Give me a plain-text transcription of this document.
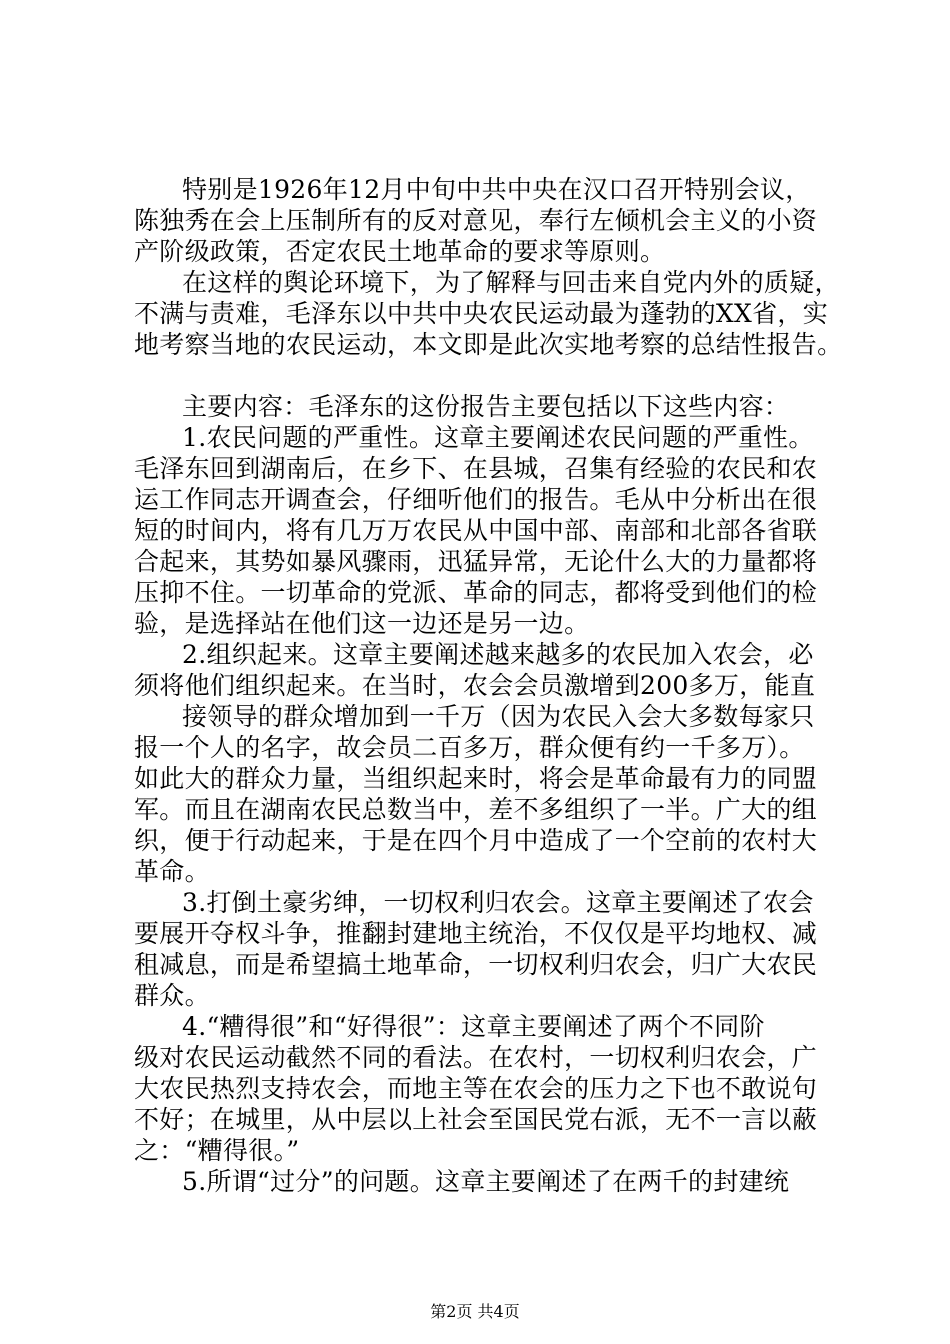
特别是1926年12月中旬中共中央在汉口召开特别会议，
陈独秀在会上压制所有的反对意见，奉行左倾机会主义的小资
产阶级政策，否定农民土地革命的要求等原则。
在这样的舆论环境下，为了解释与回击来自党内外的质疑，
不满与责难，毛泽东以中共中央农民运动最为蓬勃的XX省，实
地考察当地的农民运动，本文即是此次实地考察的总结性报告。
主要内容：毛泽东的这份报告主要包括以下这些内容：
1.农民问题的严重性。这章主要阐述农民问题的严重性。
毛泽东回到湖南后，在乡下、在县城，召集有经验的农民和农
运工作同志开调查会，仔细听他们的报告。毛从中分析出在很
短的时间内，将有几万万农民从中国中部、南部和北部各省联
合起来，其势如暴风骤雨，迅猛异常，无论什么大的力量都将
压抑不住。一切革命的党派、革命的同志，都将受到他们的检
验，是选择站在他们这一边还是另一边。
2.组织起来。这章主要阐述越来越多的农民加入农会，必
须将他们组织起来。在当时，农会会员激增到200多万，能直
接领导的群众增加到一千万（因为农民入会大多数每家只
报一个人的名字，故会员二百多万，群众便有约一千多万）。
如此大的群众力量，当组织起来时，将会是革命最有力的同盟
军。而且在湖南农民总数当中，差不多组织了一半。广大的组
织，便于行动起来，于是在四个月中造成了一个空前的农村大
革命。
3.打倒土豪劣绅，一切权利归农会。这章主要阐述了农会
要展开夺权斗争，推翻封建地主统治，不仅仅是平均地权、减
租减息，而是希望搞土地革命，一切权利归农会，归广大农民
群众。
4.“糟得很”和“好得很”：这章主要阐述了两个不同阶
级对农民运动截然不同的看法。在农村，一切权利归农会，广
大农民热烈支持农会，而地主等在农会的压力之下也不敢说句
不好；在城里，从中层以上社会至国民党右派，无不一言以蔽
之：“糟得很。”
5.所谓“过分”的问题。这章主要阐述了在两千的封建统
第2页 共4页
